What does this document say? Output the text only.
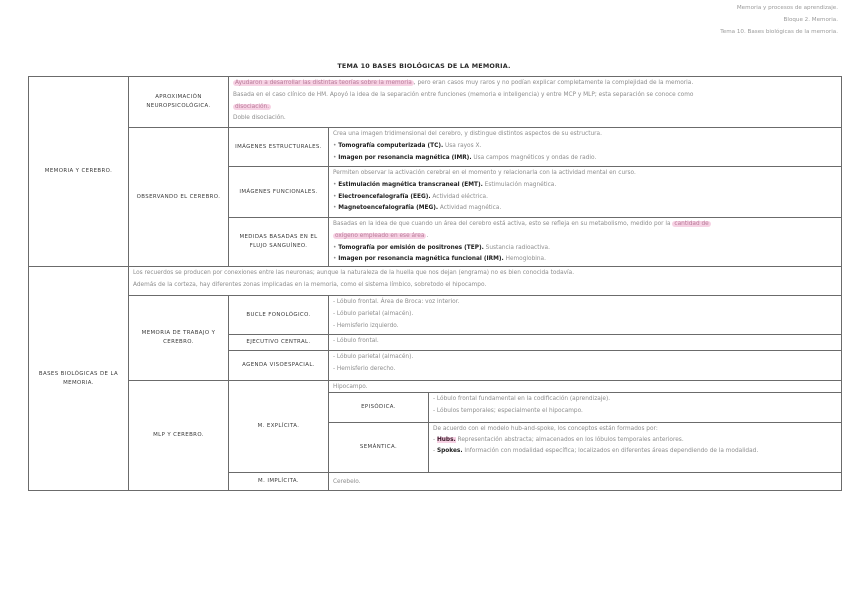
Memoria y procesos de aprendizaje.
Bloque 2. Memoria.
Tema 10. Bases biológicas de la memoria.
TEMA 10 BASES BIOLÓGICAS DE LA MEMORIA.
MEMORIA Y CEREBRO.
APROXIMACIÓN NEUROPSICOLÓGICA.
Ayudaron a desarrollar las distintas teorías sobre la memoria , pero eran casos muy raros y no podían explicar completamente la complejidad de la memoria.
Basada en el caso clínico de HM. Apoyó la idea de la separación entre funciones (memoria e inteligencia) y entre MCP y MLP; esta separación se conoce como
disociación.
Doble disociación.
OBSERVANDO EL CEREBRO.
IMÁGENES ESTRUCTURALES.
Crea una imagen tridimensional del cerebro, y distingue distintos aspectos de su estructura.
• Tomografía computerizada (TC). Usa rayos X.
• Imagen por resonancia magnética (IMR). Usa campos magnéticos y ondas de radio.
IMÁGENES FUNCIONALES.
Permiten observar la activación cerebral en el momento y relacionarla con la actividad mental en curso.
• Estimulación magnética transcraneal (EMT). Estimulación magnética.
• Electroencefalografía (EEG). Actividad eléctrica.
• Magnetoencefalografía (MEG). Actividad magnética.
MEDIDAS BASADAS EN EL FLUJO SANGUÍNEO.
Basadas en la idea de que cuando un área del cerebro está activa, esto se refleja en su metabolismo, medido por la cantidad de
oxígeno empleado en ese área .
• Tomografía por emisión de positrones (TEP). Sustancia radioactiva.
• Imagen por resonancia magnética funcional (IRM). Hemoglobina.
BASES BIOLÓGICAS DE LA MEMORIA.
Los recuerdos se producen por conexiones entre las neuronas; aunque la naturaleza de la huella que nos dejan (engrama) no es bien conocida todavía.
Además de la corteza, hay diferentes zonas implicadas en la memoria, como el sistema límbico, sobretodo el hipocampo.
MEMORIA DE TRABAJO Y CEREBRO.
BUCLE FONOLÓGICO.
- Lóbulo frontal. Área de Broca: voz interior.
- Lóbulo parietal (almacén).
- Hemisferio izquierdo.
EJECUTIVO CENTRAL.	- Lóbulo frontal.
AGENDA VISOESPACIAL.
- Lóbulo parietal (almacén).
- Hemisferio derecho.
MLP Y CEREBRO.
M. EXPLÍCITA.
Hipocampo.
EPISÓDICA.
- Lóbulo frontal fundamental en la codificación (aprendizaje).
- Lóbulos temporales; especialmente el hipocampo.
SEMÁNTICA.
De acuerdo con el modelo hub-and-spoke, los conceptos están formados por:
- Hubs. Representación abstracta; almacenados en los lóbulos temporales anteriores.
- Spokes. Información con modalidad específica; localizados en diferentes áreas dependiendo de la modalidad.
M. IMPLÍCITA.	Cerebelo.
